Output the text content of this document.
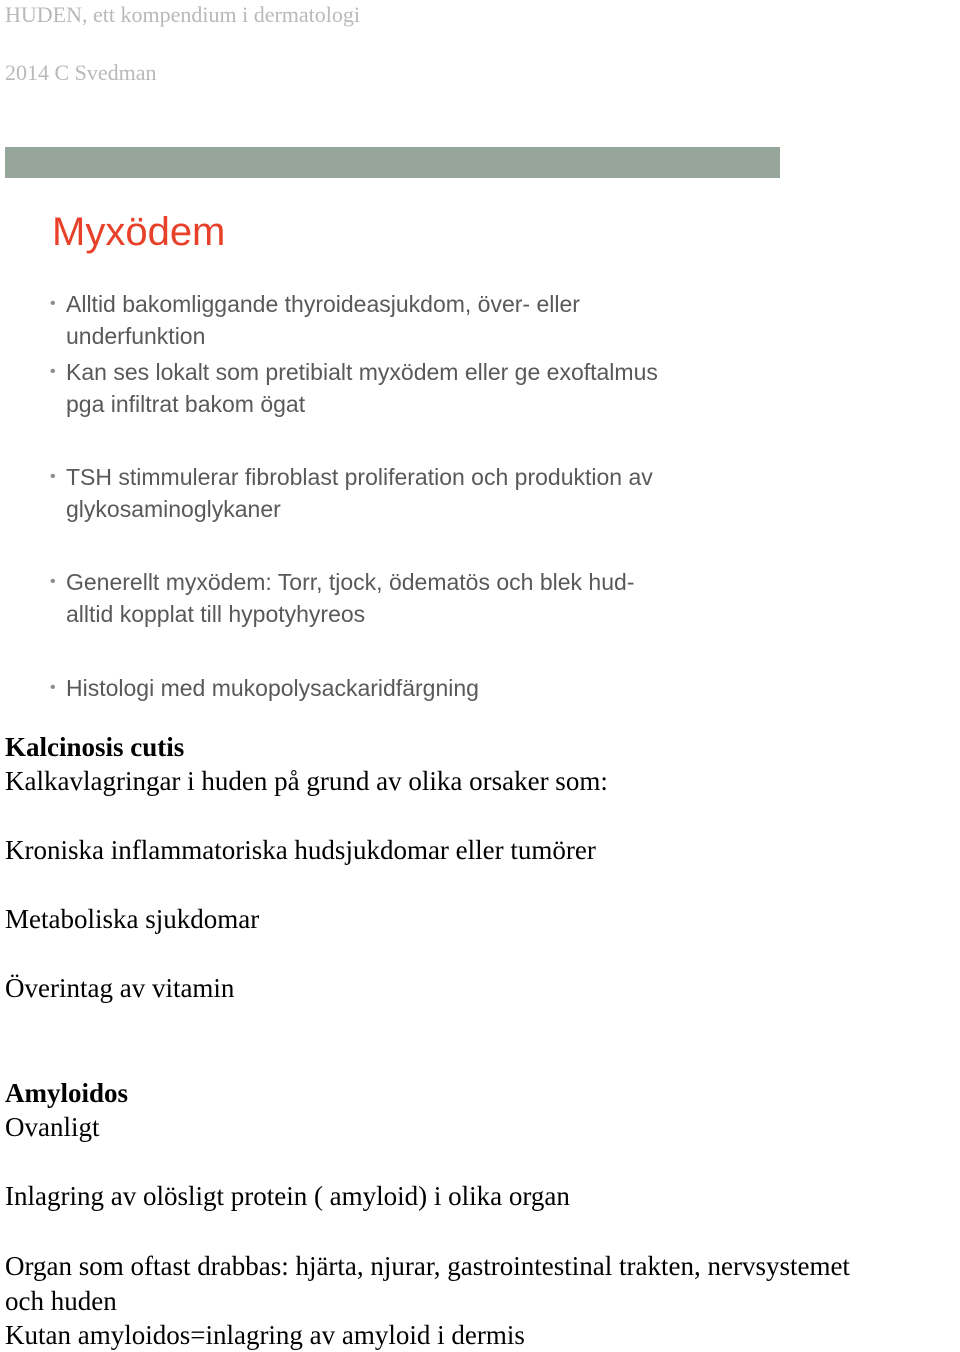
HUDEN, ett kompendium i dermatologi
2014 C Svedman
Myxödem
• Alltid bakomliggande thyroideasjukdom, över- eller
underfunktion
• Kan ses lokalt som pretibialt myxödem eller ge exoftalmus
pga infiltrat bakom ögat
• TSH stimmulerar fibroblast proliferation och produktion av
glykosaminoglykaner
• Generellt myxödem: Torr, tjock, ödematös och blek hud-
alltid kopplat till hypotyhyreos
• Histologi med mukopolysackaridfärgning
Kalcinosis cutis
Kalkavlagringar i huden på grund av olika orsaker som:
Kroniska inflammatoriska hudsjukdomar eller tumörer
Metaboliska sjukdomar
Överintag av vitamin
Amyloidos
Ovanligt
Inlagring av olösligt protein ( amyloid) i olika organ
Organ som oftast drabbas: hjärta, njurar, gastrointestinal trakten, nervsystemet
och huden
Kutan amyloidos=inlagring av amyloid i dermis
